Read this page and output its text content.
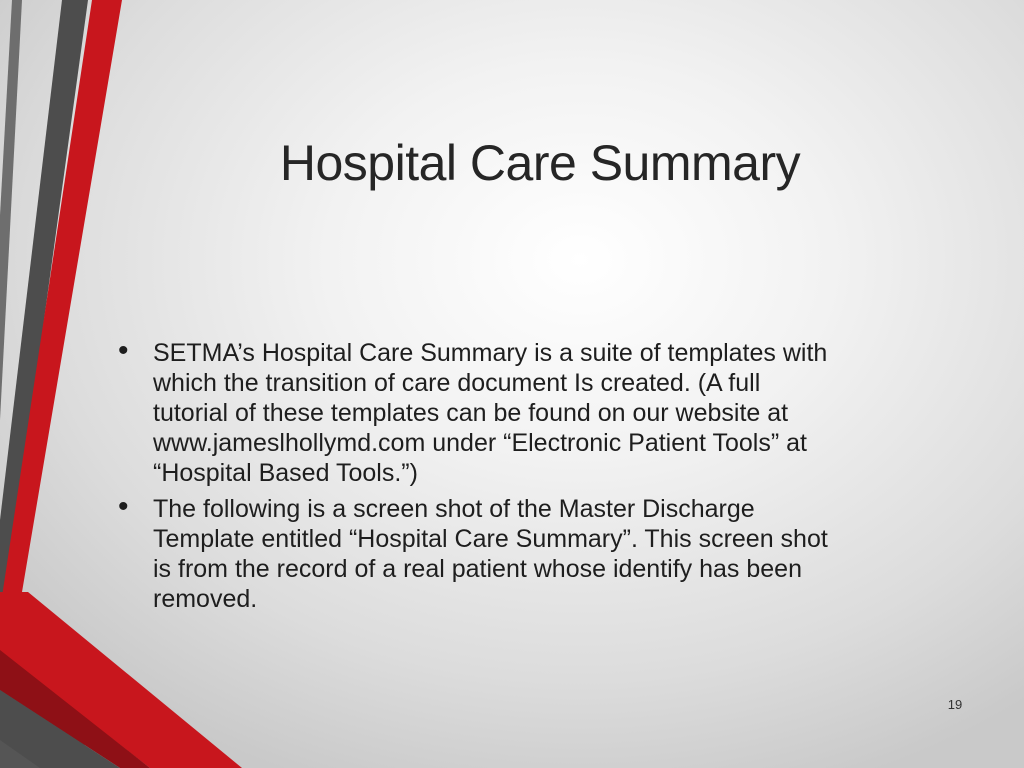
Hospital Care Summary
• SETMA’s Hospital Care Summary is a suite of templates with
which the transition of care document Is created. (A full
tutorial of these templates can be found on our website at
www.jameslhollymd.com under “Electronic Patient Tools” at
“Hospital Based Tools.”)
• The following is a screen shot of the Master Discharge
Template entitled “Hospital Care Summary”. This screen shot
is from the record of a real patient whose identify has been
removed.
19
